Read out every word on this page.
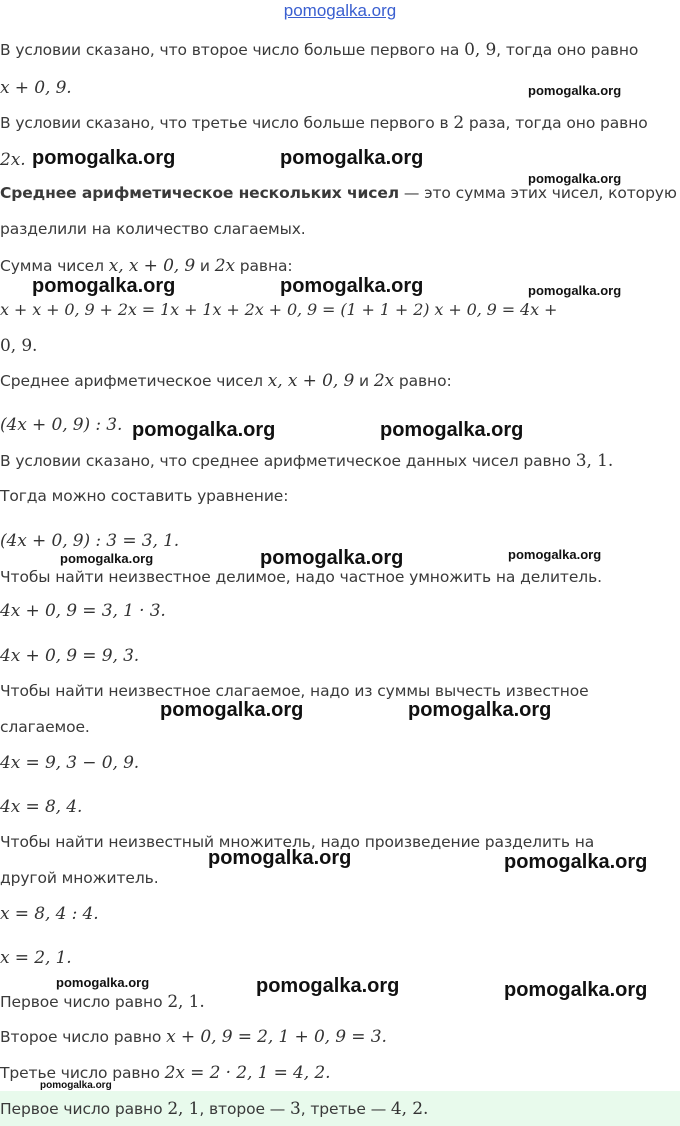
pomogalka.org
В условии сказано, что второе число больше первого на 0, 9, тогда оно равно
x + 0, 9.
В условии сказано, что третье число больше первого в 2 раза, тогда оно равно
2x.
Среднее арифметическое нескольких чисел — это сумма этих чисел, которую
разделили на количество слагаемых.
Сумма чисел x, x + 0, 9 и 2x равна:
x + x + 0, 9 + 2x = 1x + 1x + 2x + 0, 9 = (1 + 1 + 2) x + 0, 9 = 4x +
0, 9.
Среднее арифметическое чисел x, x + 0, 9 и 2x равно:
(4x + 0, 9) : 3.
В условии сказано, что среднее арифметическое данных чисел равно 3, 1.
Тогда можно составить уравнение:
(4x + 0, 9) : 3 = 3, 1.
Чтобы найти неизвестное делимое, надо частное умножить на делитель.
4x + 0, 9 = 3, 1 · 3.
4x + 0, 9 = 9, 3.
Чтобы найти неизвестное слагаемое, надо из суммы вычесть известное
слагаемое.
4x = 9, 3 − 0, 9.
4x = 8, 4.
Чтобы найти неизвестный множитель, надо произведение разделить на
другой множитель.
x = 8, 4 : 4.
x = 2, 1.
Первое число равно 2, 1.
Второе число равно x + 0, 9 = 2, 1 + 0, 9 = 3.
Третье число равно 2x = 2 · 2, 1 = 4, 2.
Первое число равно 2, 1, второе — 3, третье — 4, 2.
pomogalka.org
pomogalka.org	pomogalka.org
pomogalka.org
pomogalka.org	pomogalka.org	pomogalka.org
pomogalka.org	pomogalka.org
pomogalka.org	pomogalka.org	pomogalka.org
pomogalka.org	pomogalka.org
pomogalka.org	pomogalka.org
pomogalka.org	pomogalka.org	pomogalka.org
pomogalka.org
